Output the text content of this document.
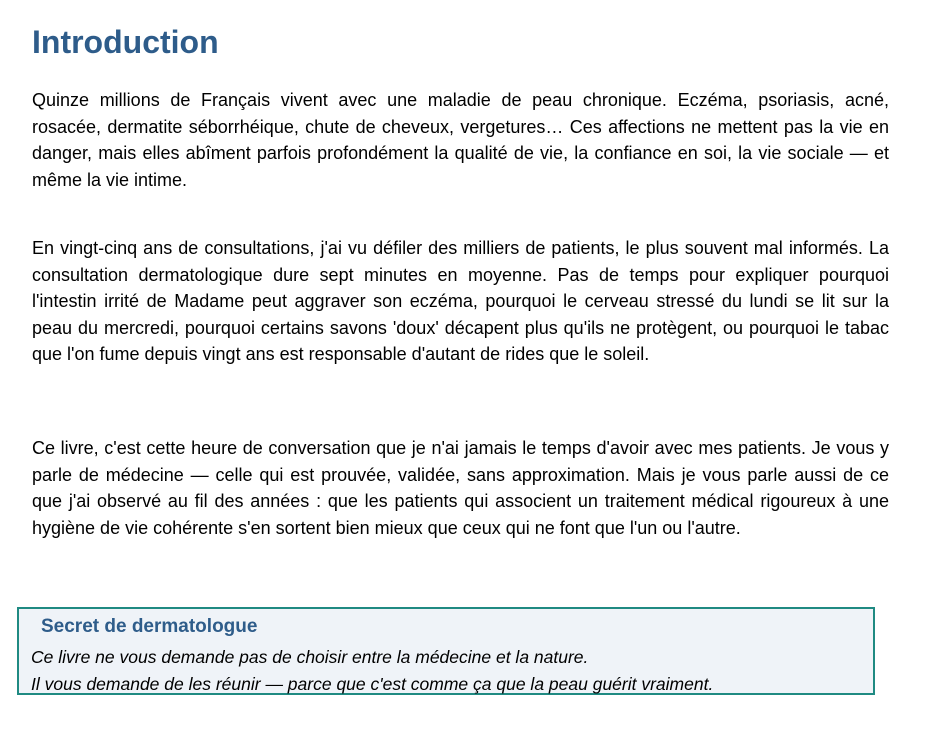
Introduction

Quinze millions de Français vivent avec une maladie de peau chronique. Eczéma, psoriasis, acné, rosacée, dermatite séborrhéique, chute de cheveux, vergetures… Ces affections ne mettent pas la vie en danger, mais elles abîment parfois profondément la qualité de vie, la confiance en soi, la vie sociale — et même la vie intime.

En vingt-cinq ans de consultations, j'ai vu défiler des milliers de patients, le plus souvent mal informés. La consultation dermatologique dure sept minutes en moyenne. Pas de temps pour expliquer pourquoi l'intestin irrité de Madame peut aggraver son eczéma, pourquoi le cerveau stressé du lundi se lit sur la peau du mercredi, pourquoi certains savons 'doux' décapent plus qu'ils ne protègent, ou pourquoi le tabac que l'on fume depuis vingt ans est responsable d'autant de rides que le soleil.

Ce livre, c'est cette heure de conversation que je n'ai jamais le temps d'avoir avec mes patients. Je vous y parle de médecine — celle qui est prouvée, validée, sans approximation. Mais je vous parle aussi de ce que j'ai observé au fil des années : que les patients qui associent un traitement médical rigoureux à une hygiène de vie cohérente s'en sortent bien mieux que ceux qui ne font que l'un ou l'autre.

Secret de dermatologue
Ce livre ne vous demande pas de choisir entre la médecine et la nature.
Il vous demande de les réunir — parce que c'est comme ça que la peau guérit vraiment.
